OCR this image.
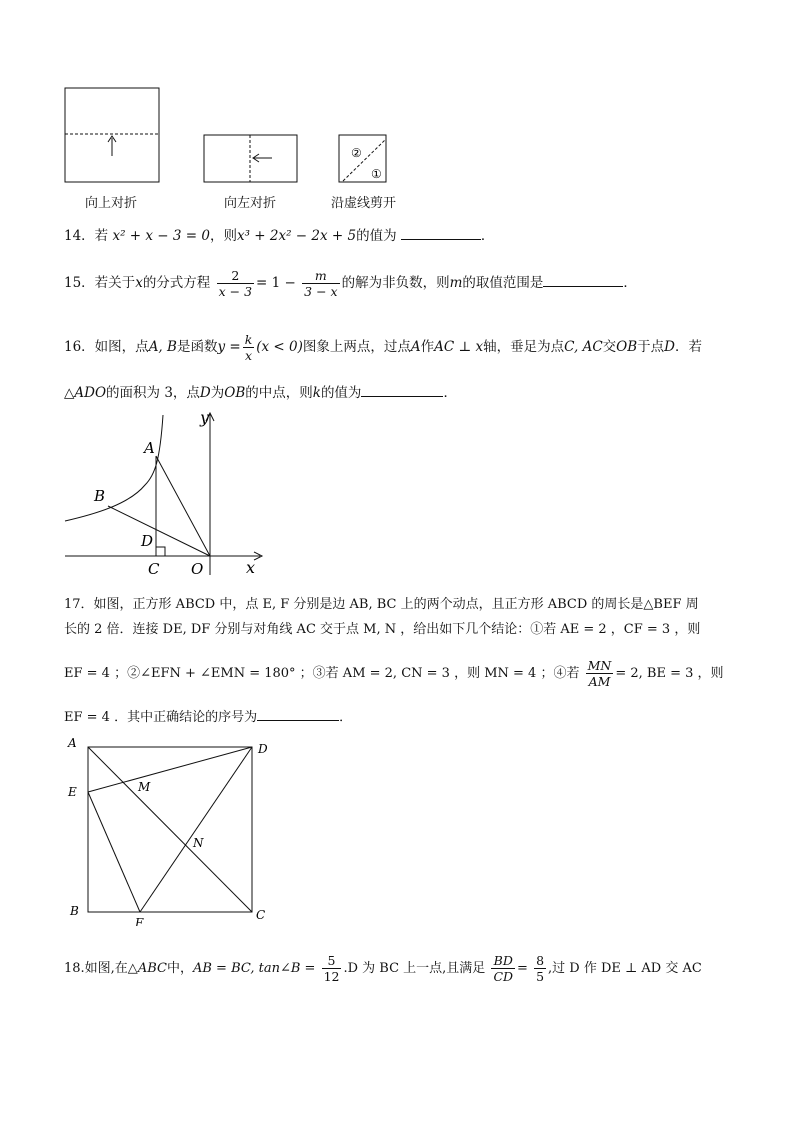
②
①
向上对折	向左对折	沿虚线剪开
14．若 x² + x − 3 = 0，则x³ + 2x² − 2x + 5的值为	．
15．若关于x的分式方程 $\frac{2}{x - 3} = 1 - \frac{m}{3 - x}$ 的解为非负数，则m的取值范围是	．
16．如图，点A, B是函数$y = \frac{k}{x} (x < 0)$图象上两点，过点A作AC ⊥ x轴，垂足为点C, AC交OB于点D．若
△ADO的面积为 3，点D为OB的中点，则k的值为	．
y
x
A
B
D
C O
17．如图，正方形 ABCD 中，点 E, F 分别是边 AB, BC 上的两个动点，且正方形 ABCD 的周长是△BEF 周
长的 2 倍．连接 DE, DF 分别与对角线 AC 交于点 M, N ，给出如下几个结论：①若 AE = 2 ，CF = 3 ，则
EF = 4 ；②∠EFN + ∠EMN = 180° ；③若 AM = 2, CN = 3 ，则 MN = 4 ；④若 $\frac{MN}{AM} = 2$, BE = 3 ，则
EF = 4 ．其中正确结论的序号为	．
A	D
E	M
N
B
F
C
18.如图,在△ABC中，AB = BC, tan∠B = $\frac{5}{12} .D$ 为 BC 上一点,且满足 $\frac{BD}{CD} = \frac{8}{5}$ ,过 D 作 DE ⊥ AD 交 AC
